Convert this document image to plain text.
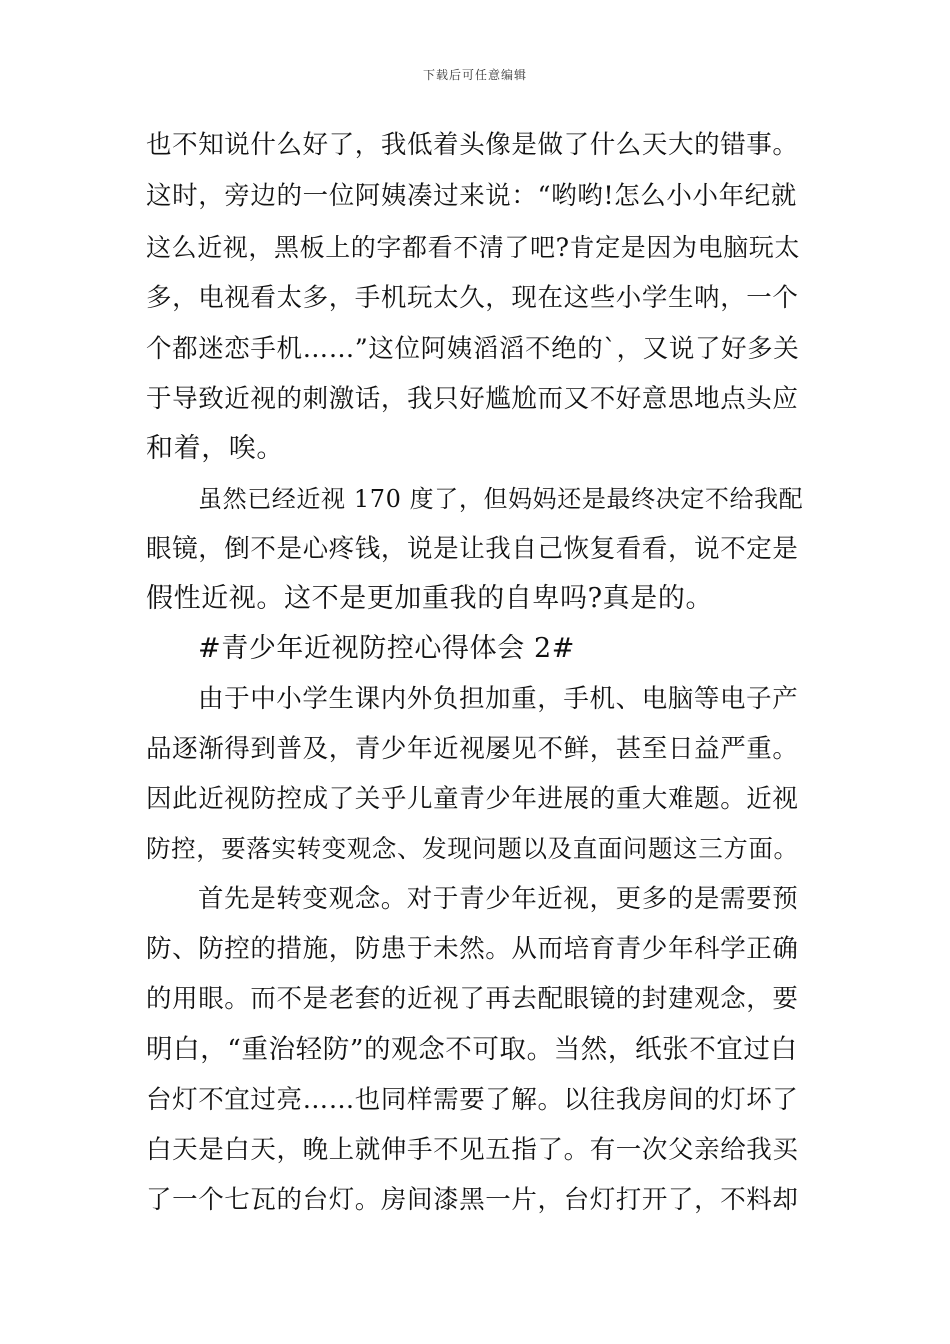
下载后可任意编辑
也不知说什么好了，我低着头像是做了什么天大的错事。
这时，旁边的一位阿姨凑过来说：“哟哟!怎么小小年纪就
这么近视，黑板上的字都看不清了吧?肯定是因为电脑玩太
多，电视看太多，手机玩太久，现在这些小学生呐，一个
个都迷恋手机……”这位阿姨滔滔不绝的`，又说了好多关
于导致近视的刺激话，我只好尴尬而又不好意思地点头应
和着，唉。
虽然已经近视 170 度了，但妈妈还是最终决定不给我配
眼镜，倒不是心疼钱，说是让我自己恢复看看，说不定是
假性近视。这不是更加重我的自卑吗?真是的。
#青少年近视防控心得体会 2#
由于中小学生课内外负担加重，手机、电脑等电子产
品逐渐得到普及，青少年近视屡见不鲜，甚至日益严重。
因此近视防控成了关乎儿童青少年进展的重大难题。近视
防控，要落实转变观念、发现问题以及直面问题这三方面。
首先是转变观念。对于青少年近视，更多的是需要预
防、防控的措施，防患于未然。从而培育青少年科学正确
的用眼。而不是老套的近视了再去配眼镜的封建观念，要
明白，“重治轻防”的观念不可取。当然，纸张不宜过白
台灯不宜过亮……也同样需要了解。以往我房间的灯坏了
白天是白天，晚上就伸手不见五指了。有一次父亲给我买
了一个七瓦的台灯。房间漆黑一片，台灯打开了，不料却
